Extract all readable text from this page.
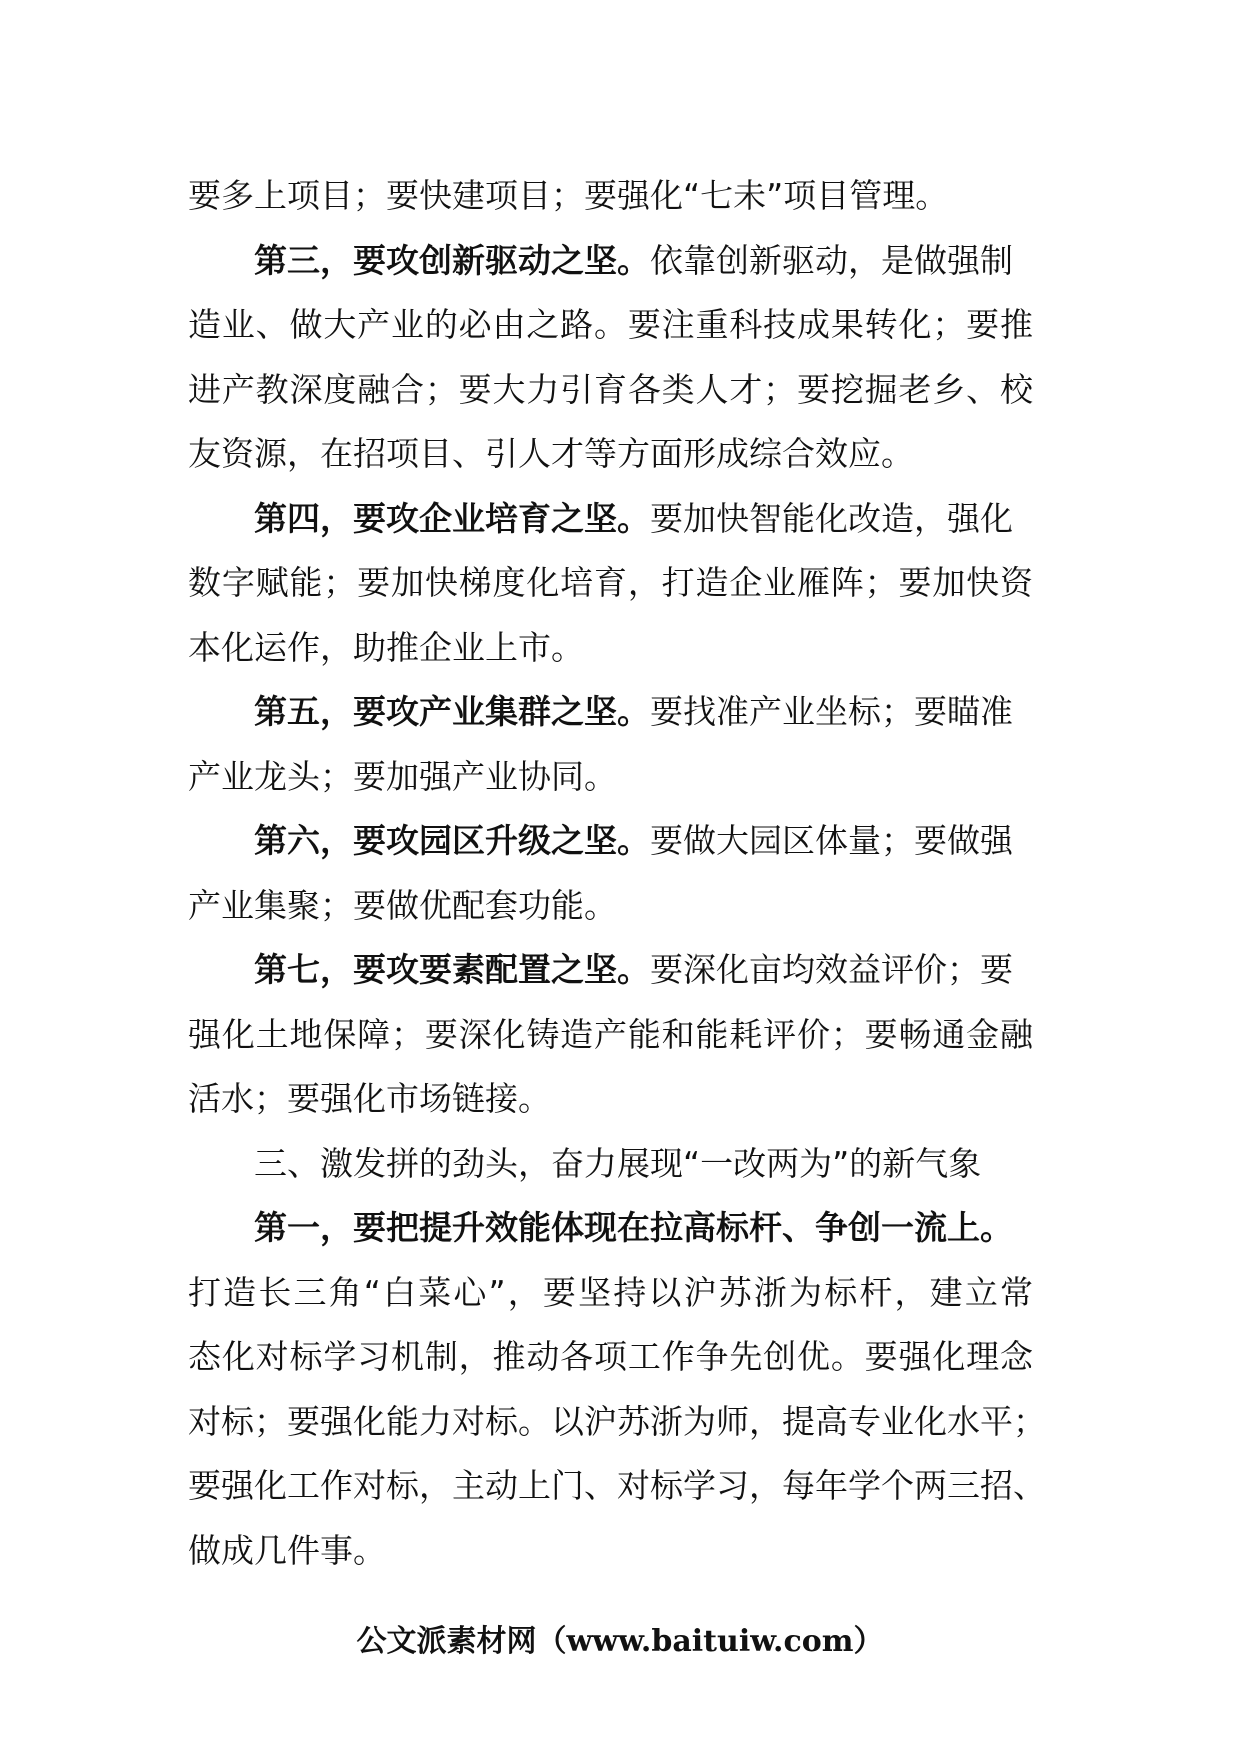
要多上项目；要快建项目；要强化“七未”项目管理。
第三，要攻创新驱动之坚。依靠创新驱动，是做强制
造业、做大产业的必由之路。要注重科技成果转化；要推
进产教深度融合；要大力引育各类人才；要挖掘老乡、校
友资源，在招项目、引人才等方面形成综合效应。
第四，要攻企业培育之坚。要加快智能化改造，强化
数字赋能；要加快梯度化培育，打造企业雁阵；要加快资
本化运作，助推企业上市。
第五，要攻产业集群之坚。要找准产业坐标；要瞄准
产业龙头；要加强产业协同。
第六，要攻园区升级之坚。要做大园区体量；要做强
产业集聚；要做优配套功能。
第七，要攻要素配置之坚。要深化亩均效益评价；要
强化土地保障；要深化铸造产能和能耗评价；要畅通金融
活水；要强化市场链接。
三、激发拼的劲头，奋力展现“一改两为”的新气象
第一，要把提升效能体现在拉高标杆、争创一流上。
打造长三角“白菜心”，要坚持以沪苏浙为标杆，建立常
态化对标学习机制，推动各项工作争先创优。要强化理念
对标；要强化能力对标。以沪苏浙为师，提高专业化水平；
要强化工作对标，主动上门、对标学习，每年学个两三招、
做成几件事。
公文派素材网（www.baituiw.com）
